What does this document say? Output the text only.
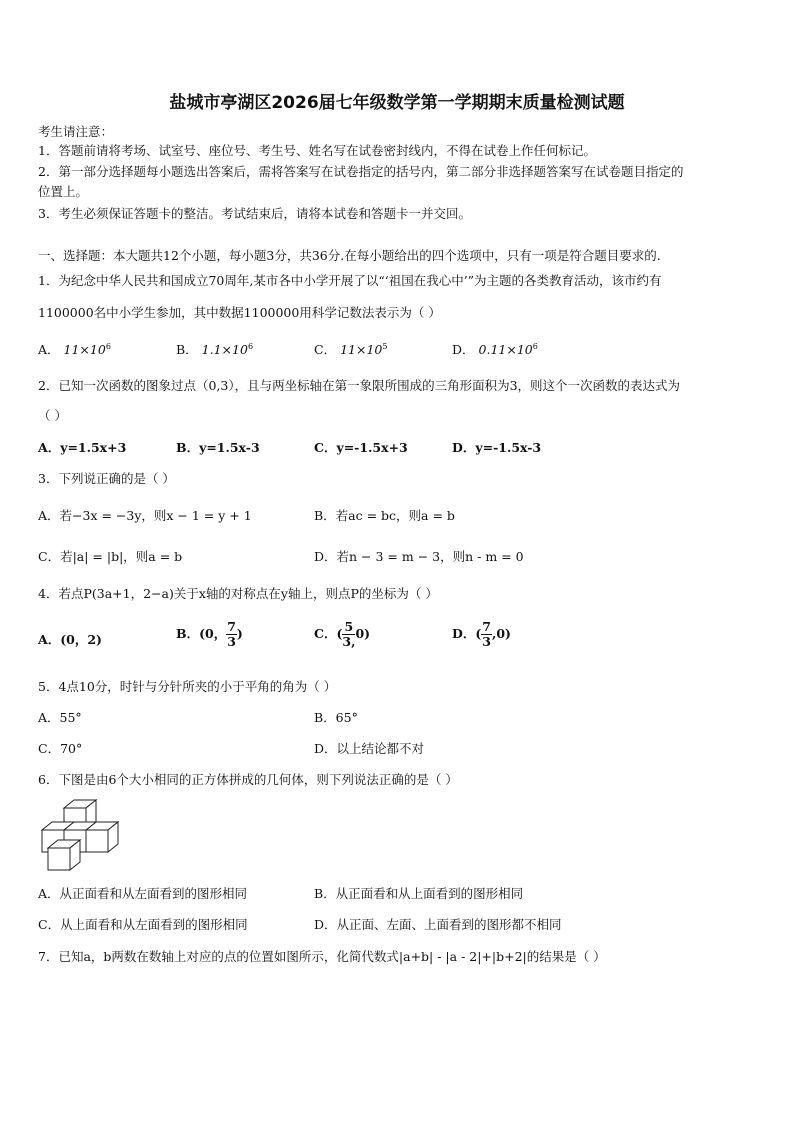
盐城市亭湖区2026届七年级数学第一学期期末质量检测试题
考生请注意：
1．答题前请将考场、试室号、座位号、考生号、姓名写在试卷密封线内，不得在试卷上作任何标记。
2．第一部分选择题每小题选出答案后，需将答案写在试卷指定的括号内，第二部分非选择题答案写在试卷题目指定的
位置上。
3．考生必须保证答题卡的整洁。考试结束后，请将本试卷和答题卡一并交回。
一、选择题：本大题共12个小题，每小题3分，共36分.在每小题给出的四个选项中，只有一项是符合题目要求的.
1．为纪念中华人民共和国成立70周年,某市各中小学开展了以“‘祖国在我心中’”为主题的各类教育活动，该市约有
1100000名中小学生参加，其中数据1100000用科学记数法表示为（ ）
A． $11\times 10^6$	B． $1.1\times 10^6$	C． $11\times 10^5$	D． $0.11\times 10^6$
2．已知一次函数的图象过点（0,3），且与两坐标轴在第一象限所围成的三角形面积为3，则这个一次函数的表达式为
（ ）
A．y=1.5x+3	B．y=1.5x-3	C．y=-1.5x+3	D．y=-1.5x-3
3．下列说正确的是（ ）
A．若−3x = −3y，则x − 1 = y + 1	B．若ac = bc，则a = b
C．若|a| = |b|，则a = b	D．若n − 3 = m − 3，则n - m = 0
4．若点P(3a+1，2−a)关于x轴的对称点在y轴上，则点P的坐标为（ ）
A．(0，2)	B．(0， $\frac{7}{3}$ )	C．( $\frac{5}{3,} 0$)	D．( $\frac{7}{3} ,0$)
5．4点10分，时针与分针所夹的小于平角的角为（ ）
A．55°	B．65°
C．70°	D．以上结论都不对
6．下图是由6个大小相同的正方体拼成的几何体，则下列说法正确的是（ ）
A．从正面看和从左面看到的图形相同	B．从正面看和从上面看到的图形相同
C．从上面看和从左面看到的图形相同	D．从正面、左面、上面看到的图形都不相同
7．已知a，b两数在数轴上对应的点的位置如图所示，化简代数式|a+b| - |a - 2|+|b+2|的结果是（ ）
